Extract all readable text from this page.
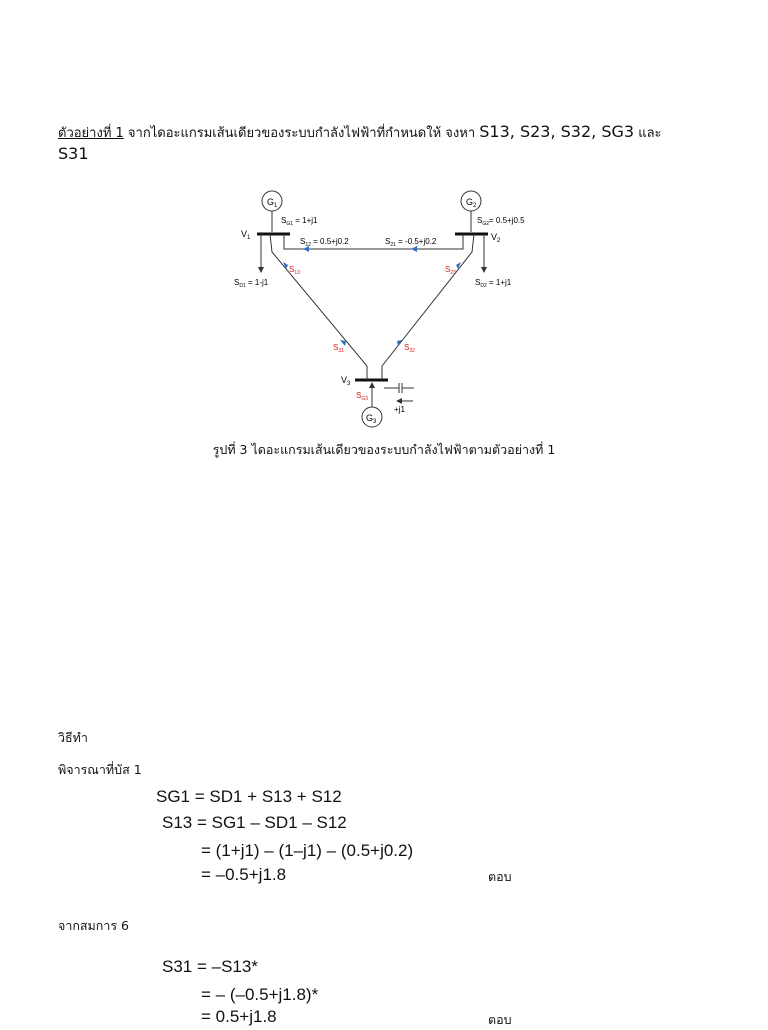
ตัวอย่างที่ 1 จากไดอะแกรมเส้นเดียวของระบบกำลังไฟฟ้าที่กำหนดให้ จงหา S13, S23, S32, SG3 และ
S31
$G_1$	$G_2$
$V_1$	$V_2$
$V_3$
$S_{G1} = 1+j1$	$S_{G2}= 0.5+j0.5$
$S_{12} = 0.5+j0.2$	$S_{21} = -0.5+j0.2$
$S_{D1} = 1-j1$	$S_{D2} = 1+j1$
$S_{13}$	$S_{23}$
$S_{31}$	$S_{32}$
$G_3$
$S_{G3}$
+j1
รูปที่ 3 ไดอะแกรมเส้นเดียวของระบบกำลังไฟฟ้าตามตัวอย่างที่ 1
วิธีทำ
พิจารณาที่บัส 1
SG1 = SD1 + S13 + S12
S13 = SG1 – SD1 – S12
= (1+j1) – (1–j1) – (0.5+j0.2)
= –0.5+j1.8	ตอบ
จากสมการ 6
S31 = –S13*
= – (–0.5+j1.8)*
= 0.5+j1.8	ตอบ
